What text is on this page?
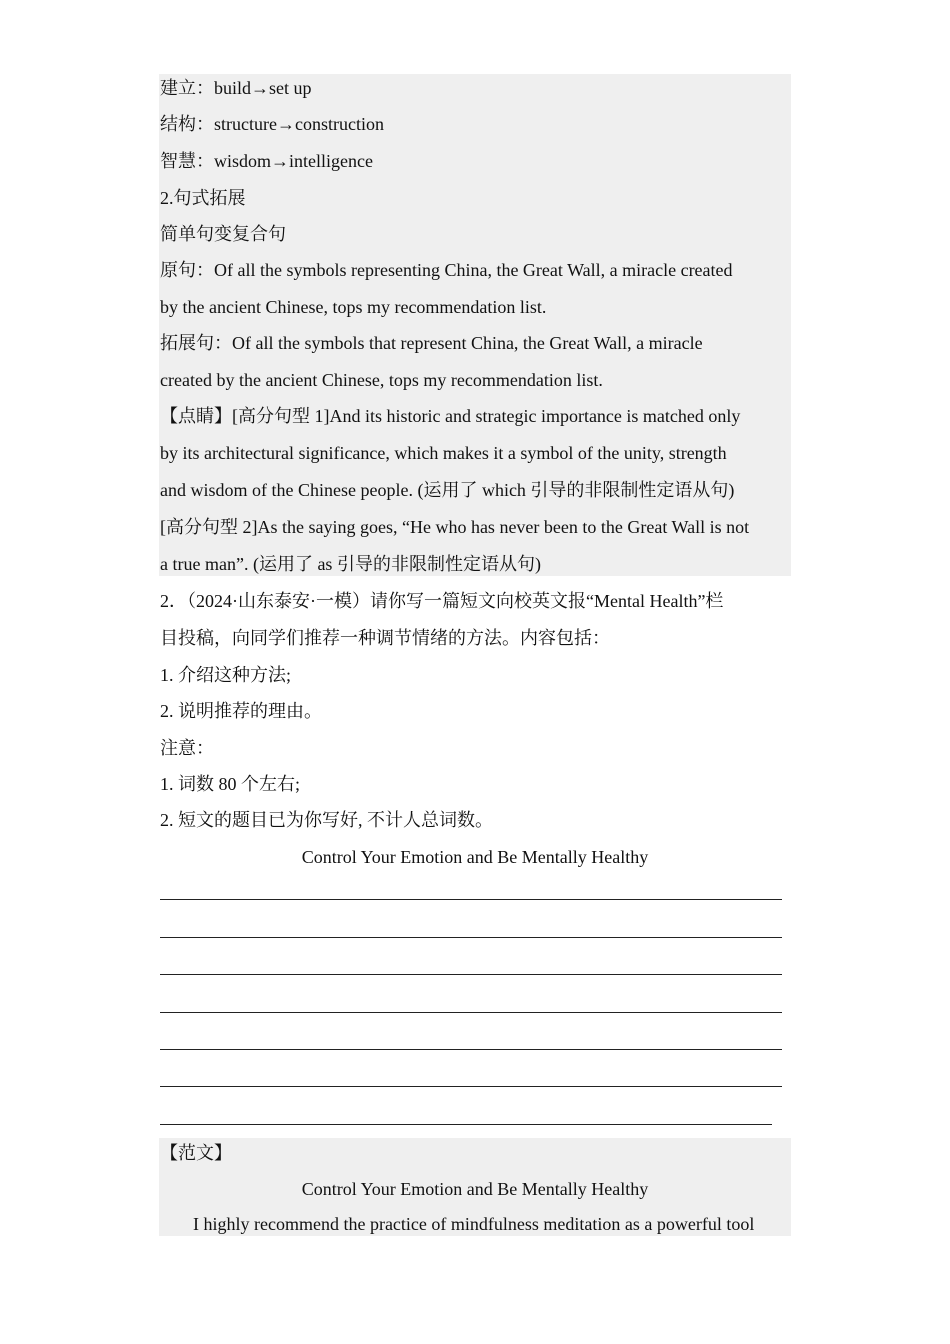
建立：build→set up
结构：structure→construction
智慧：wisdom→intelligence
2.句式拓展
简单句变复合句
原句：Of all the symbols representing China, the Great Wall, a miracle created
by the ancient Chinese, tops my recommendation list.
拓展句：Of all the symbols that represent China, the Great Wall, a miracle
created by the ancient Chinese, tops my recommendation list.
【点睛】[高分句型 1]And its historic and strategic importance is matched only
by its architectural significance, which makes it a symbol of the unity, strength
and wisdom of the Chinese people. (运用了 which 引导的非限制性定语从句)
[高分句型 2]As the saying goes, “He who has never been to the Great Wall is not
a true man”. (运用了 as 引导的非限制性定语从句)
2．（2024·山东泰安·一模）请你写一篇短文向校英文报“Mental Health”栏
目投稿，向同学们推荐一种调节情绪的方法。内容包括：
1. 介绍这种方法;
2. 说明推荐的理由。
注意：
1. 词数 80 个左右;
2. 短文的题目已为你写好, 不计人总词数。
Control Your Emotion and Be Mentally Healthy
【范文】
Control Your Emotion and Be Mentally Healthy
I highly recommend the practice of mindfulness meditation as a powerful tool
